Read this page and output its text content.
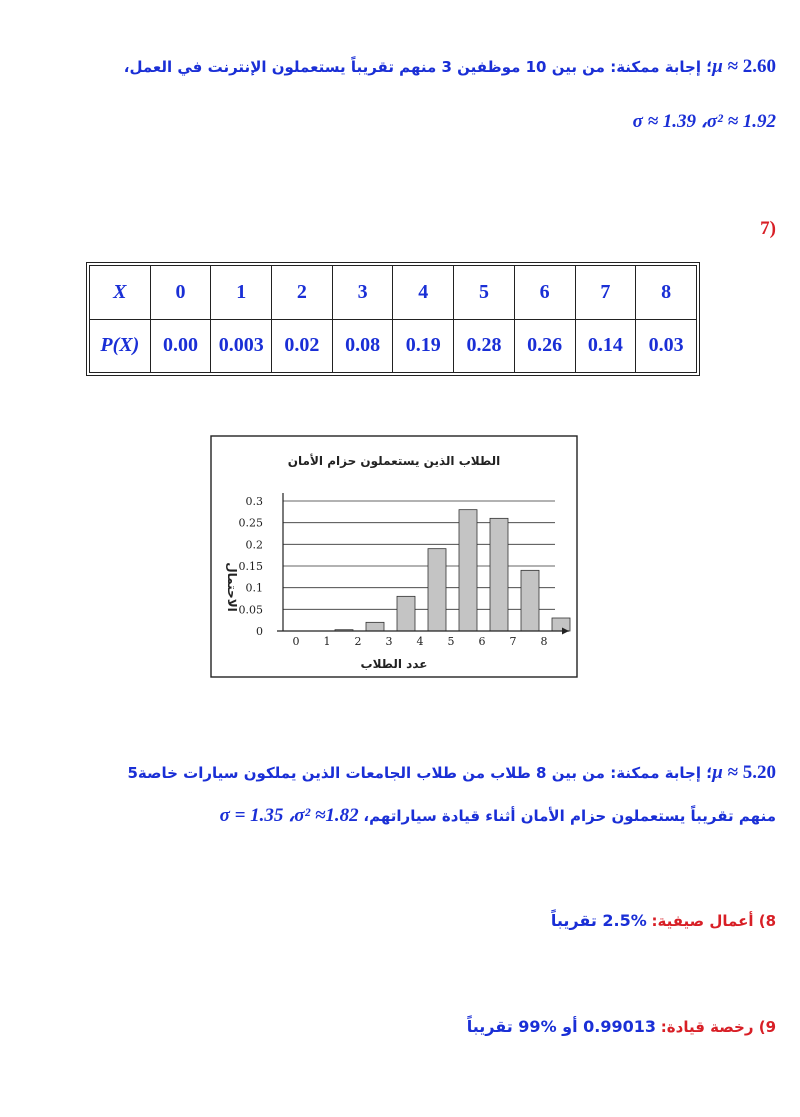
≈ 2.60 μ؛ إجابة ممكنة: من بين 10 موظفين 3 منهم تقريباً يستعملون الإنترنت في العمل،
σ ≈ 1.39 ،σ² ≈ 1.92
(7
X	0	1	2	3	4	5	6	7	8
P(X)	0.00	0.003	0.02	0.08	0.19	0.28	0.26	0.14	0.03
الطلاب الذين يستعملون حزام الأمان
عدد الطلاب
الاحتمال
0
0.05
0.1
0.15
0.2
0.25
0.3
0 1 2 3 4 5 6 7 8
≈ 5.20 μ؛ إجابة ممكنة: من بين 8 طلاب من طلاب الجامعات الذين يملكون سيارات خاصة5
منهم تقريباً يستعملون حزام الأمان أثناء قيادة سياراتهم، σ = 1.35 ،σ² ≈1.82
8) أعمال صيفية: %2.5 تقريباً
9) رخصة قيادة: 0.99013 أو %99 تقريباً
